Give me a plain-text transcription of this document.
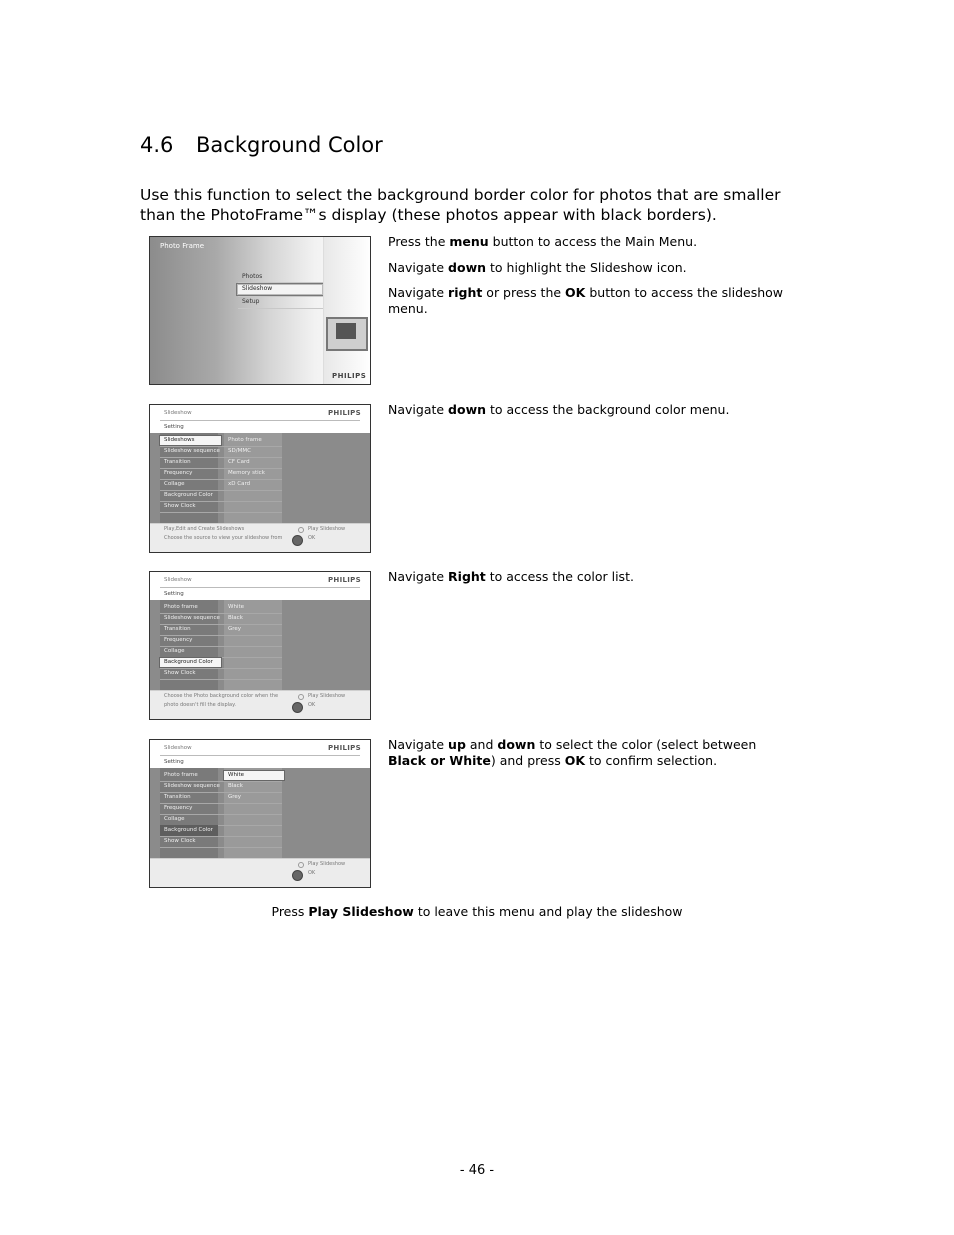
4.6 Background Color

Use this function to select the background border color for photos that are smaller than the PhotoFrame™s display (these photos appear with black borders).

Photo Frame
Photos
Slideshow
Setup
PHILIPS

Press the menu button to access the Main Menu.

Navigate down to highlight the Slideshow icon.

Navigate right or press the OK button to access the slideshow menu.

Slideshow	PHILIPS
Setting
Slideshows
Slideshow sequence
Transition
Frequency
Collage
Background Color
Show Clock
Photo frame
SD/MMC
CF Card
Memory stick
xD Card
Play,Edit and Create Slideshows
Choose the source to view your slideshow from
Play Slideshow
OK

Navigate down to access the background color menu.

Slideshow	PHILIPS
Setting
Photo frame
Slideshow sequence
Transition
Frequency
Collage
Background Color
Show Clock
White
Black
Grey
Choose the Photo background color when the
photo doesn't fill the display.
Play Slideshow
OK

Navigate Right to access the color list.

Slideshow	PHILIPS
Setting
Photo frame
Slideshow sequence
Transition
Frequency
Collage
Background Color
Show Clock
White
Black
Grey
Play Slideshow
OK

Navigate up and down to select the color (select between Black or White) and press OK to confirm selection.

Press Play Slideshow to leave this menu and play the slideshow
- 46 -
